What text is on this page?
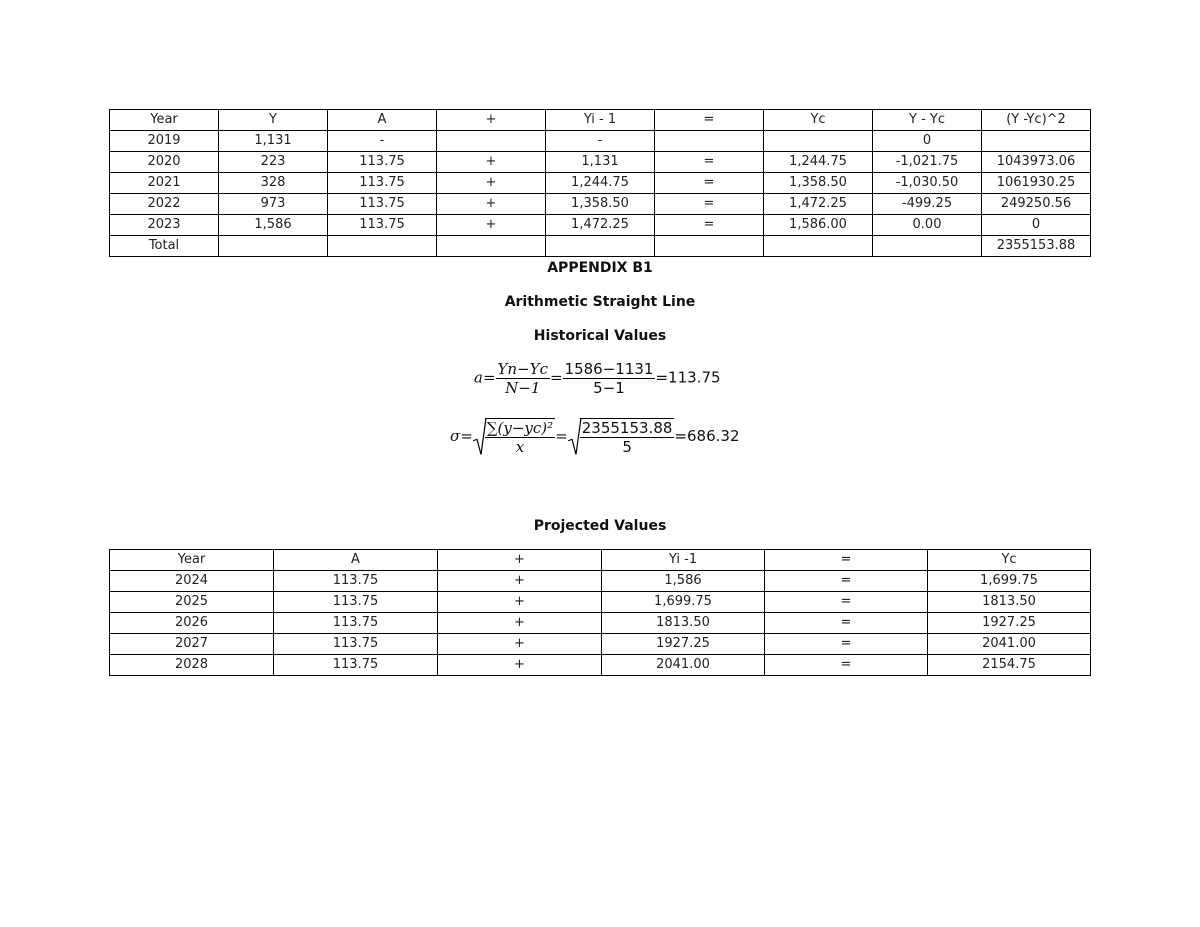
Year	Y	A	+	Yi - 1	=	Yc	Y - Yc	(Y -Yc)^2
2019	1,131	-		-			0	
2020	223	113.75	+	1,131	=	1,244.75	-1,021.75	1043973.06
2021	328	113.75	+	1,244.75	=	1,358.50	-1,030.50	1061930.25
2022	973	113.75	+	1,358.50	=	1,472.25	-499.25	249250.56
2023	1,586	113.75	+	1,472.25	=	1,586.00	0.00	0
Total								2355153.88
APPENDIX B1
Arithmetic Straight Line
Historical Values
$a= \frac{Yn-Yc}{N-1} = \frac{1586-1131}{5-1} =113.75$
$\sigma= \frac{\text{∑(y−yc)²}}{x} = \frac{2355153.88}{5} =686.32$
Projected Values
Year	A	+	Yi -1	=	Yc
2024	113.75	+	1,586	=	1,699.75
2025	113.75	+	1,699.75	=	1813.50
2026	113.75	+	1813.50	=	1927.25
2027	113.75	+	1927.25	=	2041.00
2028	113.75	+	2041.00	=	2154.75
